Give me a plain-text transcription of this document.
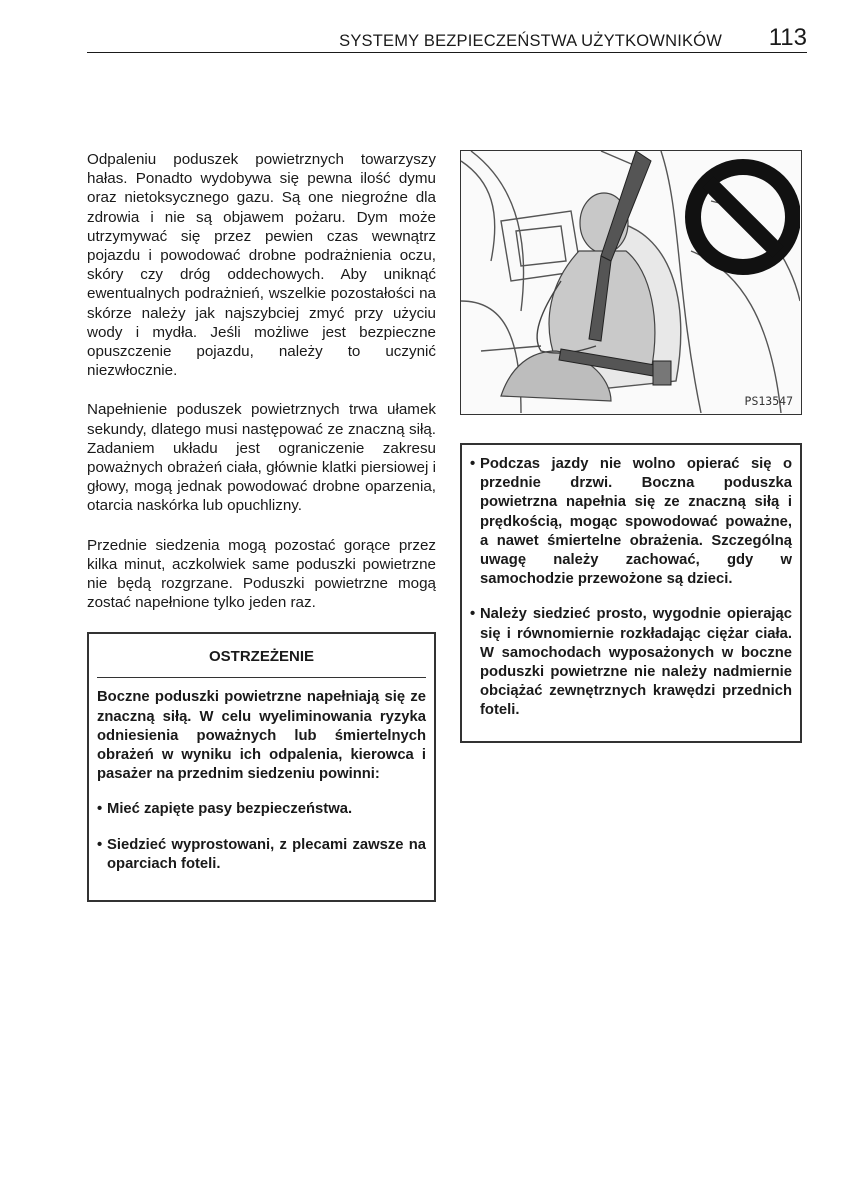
SYSTEMY BEZPIECZEŃSTWA UŻYTKOWNIKÓW 113

Odpaleniu poduszek powietrznych towarzyszy hałas. Ponadto wydobywa się pewna ilość dymu oraz nietoksycznego gazu. Są one niegroźne dla zdrowia i nie są objawem pożaru. Dym może utrzymywać się przez pewien czas wewnątrz pojazdu i powodować drobne podrażnienia oczu, skóry czy dróg oddechowych. Aby uniknąć ewentualnych podrażnień, wszelkie pozostałości na skórze należy jak najszybciej zmyć przy użyciu wody i mydła. Jeśli możliwe jest bezpieczne opuszczenie pojazdu, należy to uczynić niezwłocznie.

Napełnienie poduszek powietrznych trwa ułamek sekundy, dlatego musi następować ze znaczną siłą. Zadaniem układu jest ograniczenie zakresu poważnych obrażeń ciała, głównie klatki piersiowej i głowy, mogą jednak powodować drobne oparzenia, otarcia naskórka lub opuchlizny.

Przednie siedzenia mogą pozostać gorące przez kilka minut, aczkolwiek same poduszki powietrzne nie będą rozgrzane. Poduszki powietrzne mogą zostać napełnione tylko jeden raz.

OSTRZEŻENIE

Boczne poduszki powietrzne napełniają się ze znaczną siłą. W celu wyeliminowania ryzyka odniesienia poważnych lub śmiertelnych obrażeń w wyniku ich odpalenia, kierowca i pasażer na przednim siedzeniu powinni:

• Mieć zapięte pasy bezpieczeństwa.
• Siedzieć wyprostowani, z plecami zawsze na oparciach foteli.
PS13547
• Podczas jazdy nie wolno opierać się o przednie drzwi. Boczna poduszka powietrzna napełnia się ze znaczną siłą i prędkością, mogąc spowodować poważne, a nawet śmiertelne obrażenia. Szczególną uwagę należy zachować, gdy w samochodzie przewożone są dzieci.
• Należy siedzieć prosto, wygodnie opierając się i równomiernie rozkładając ciężar ciała. W samochodach wyposażonych w boczne poduszki powietrzne nie należy nadmiernie obciążać zewnętrznych krawędzi przednich foteli.
